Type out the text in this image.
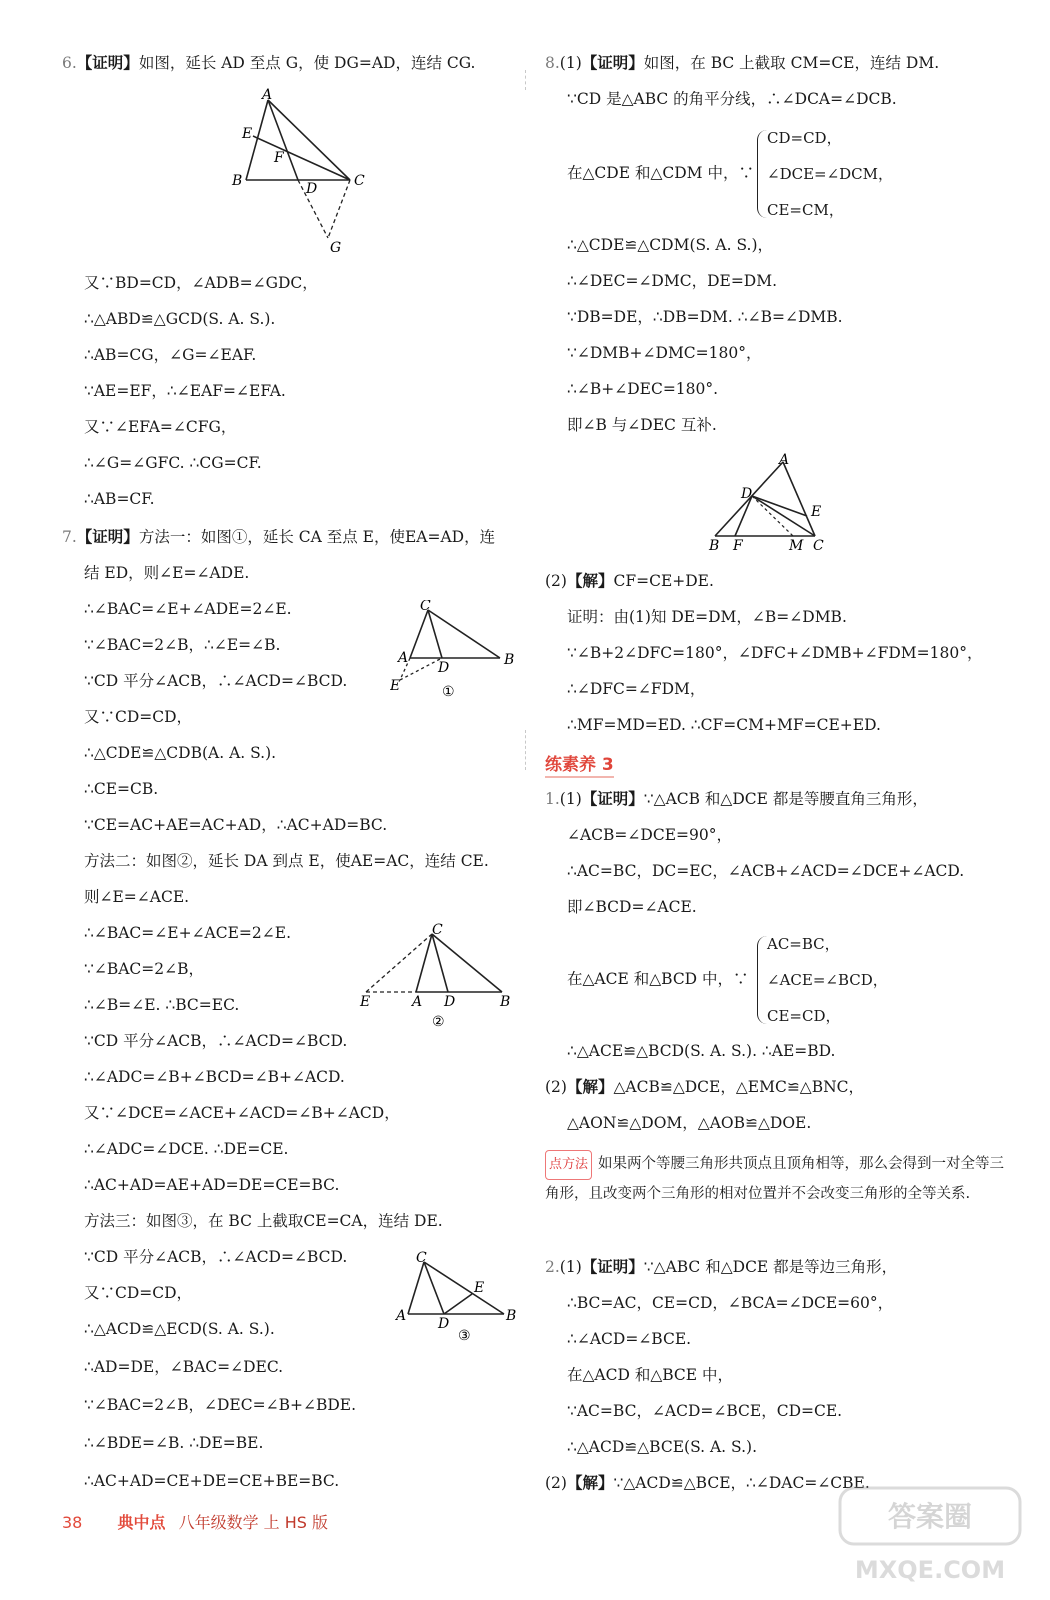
6.【证明】如图，延长 AD 至点 G，使 DG=AD，连结 CG.
A
E
F
B	D	C
G
又∵BD=CD，∠ADB=∠GDC，
∴△ABD≌△GCD(S. A. S.).
∴AB=CG，∠G=∠EAF.
∵AE=EF，∴∠EAF=∠EFA.
又∵∠EFA=∠CFG，
∴∠G=∠GFC. ∴CG=CF.
∴AB=CF.
7.【证明】方法一：如图①，延长 CA 至点 E，使EA=AD，连
结 ED，则∠E=∠ADE.
∴∠BAC=∠E+∠ADE=2∠E.
∵∠BAC=2∠B，∴∠E=∠B.
∵CD 平分∠ACB，∴∠ACD=∠BCD.
又∵CD=CD，
∴△CDE≌△CDB(A. A. S.).
∴CE=CB.
∵CE=AC+AE=AC+AD，∴AC+AD=BC.
C
A
D	B
E	①
方法二：如图②，延长 DA 到点 E，使AE=AC，连结 CE.
则∠E=∠ACE.
∴∠BAC=∠E+∠ACE=2∠E.
∵∠BAC=2∠B，
∴∠B=∠E. ∴BC=EC.
∵CD 平分∠ACB，∴∠ACD=∠BCD.
∴∠ADC=∠B+∠BCD=∠B+∠ACD.
又∵∠DCE=∠ACE+∠ACD=∠B+∠ACD，
∴∠ADC=∠DCE. ∴DE=CE.
∴AC+AD=AE+AD=DE=CE=BC.
C
E	A D	B
②
方法三：如图③，在 BC 上截取CE=CA，连结 DE.
∵CD 平分∠ACB，∴∠ACD=∠BCD.
又∵CD=CD，
∴△ACD≌△ECD(S. A. S.).
∴AD=DE，∠BAC=∠DEC.
∵∠BAC=2∠B，∠DEC=∠B+∠BDE.
∴∠BDE=∠B. ∴DE=BE.
∴AC+AD=CE+DE=CE+BE=BC.
C
E
A D	B
③
8.(1)【证明】如图，在 BC 上截取 CM=CE，连结 DM.
∵CD 是△ABC 的角平分线，∴∠DCA=∠DCB.
在△CDE 和△CDM 中，∵
CD=CD，
∠DCE=∠DCM，
CE=CM，
∴△CDE≌△CDM(S. A. S.)，
∴∠DEC=∠DMC，DE=DM.
∵DB=DE，∴DB=DM. ∴∠B=∠DMB.
∵∠DMB+∠DMC=180°，
∴∠B+∠DEC=180°.
即∠B 与∠DEC 互补.
A
D
E
B F	M C
(2)【解】CF=CE+DE.
证明：由(1)知 DE=DM，∠B=∠DMB.
∵∠B+2∠DFC=180°，∠DFC+∠DMB+∠FDM=180°，
∴∠DFC=∠FDM，
∴MF=MD=ED. ∴CF=CM+MF=CE+ED.
练素养 3
1.(1)【证明】∵△ACB 和△DCE 都是等腰直角三角形，
∠ACB=∠DCE=90°，
∴AC=BC，DC=EC，∠ACB+∠ACD=∠DCE+∠ACD.
即∠BCD=∠ACE.
在△ACE 和△BCD 中，∵
AC=BC，
∠ACE=∠BCD，
CE=CD，
∴△ACE≌△BCD(S. A. S.). ∴AE=BD.
(2)【解】△ACB≌△DCE，△EMC≌△BNC，
△AON≌△DOM，△AOB≌△DOE.
点方法 如果两个等腰三角形共顶点且顶角相等，那么会得到一对全等三角形，且改变两个三角形的相对位置并不会改变三角形的全等关系.
2.(1)【证明】∵△ABC 和△DCE 都是等边三角形，
∴BC=AC，CE=CD，∠BCA=∠DCE=60°，
∴∠ACD=∠BCE.
在△ACD 和△BCE 中，
∵AC=BC，∠ACD=∠BCE，CD=CE.
∴△ACD≌△BCE(S. A. S.).
(2)【解】∵△ACD≌△BCE，∴∠DAC=∠CBE.
38 典中点 八年级数学 上 HS 版	答案圈
MXQE.COM
